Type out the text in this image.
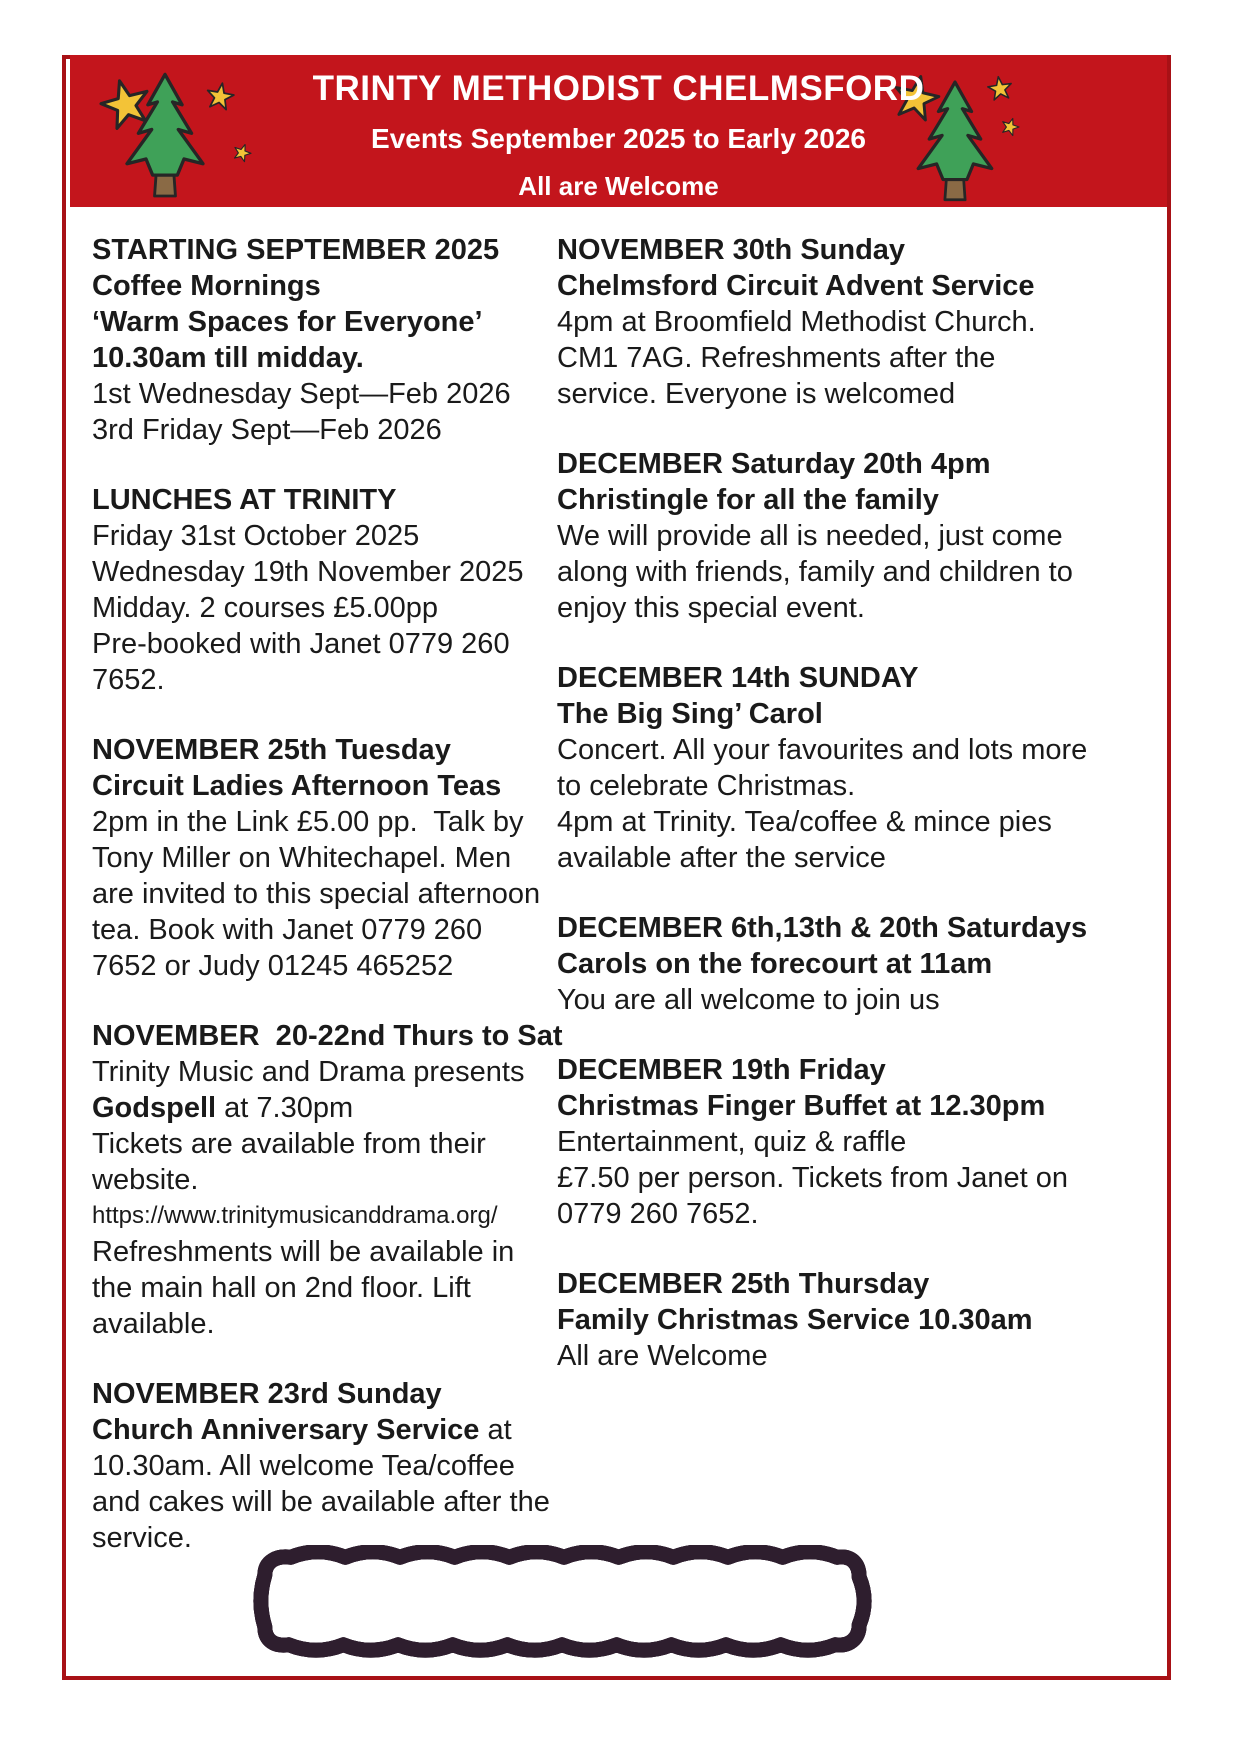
TRINTY METHODIST CHELMSFORD
Events September 2025 to Early 2026
All are Welcome
STARTING SEPTEMBER 2025
Coffee Mornings
‘Warm Spaces for Everyone’
10.30am till midday.
1st Wednesday Sept—Feb 2026
3rd Friday Sept—Feb 2026
LUNCHES AT TRINITY
Friday 31st October 2025
Wednesday 19th November 2025
Midday. 2 courses £5.00pp
Pre-booked with Janet 0779 260
7652.
NOVEMBER 25th Tuesday
Circuit Ladies Afternoon Teas
2pm in the Link £5.00 pp.  Talk by
Tony Miller on Whitechapel. Men
are invited to this special afternoon
tea. Book with Janet 0779 260
7652 or Judy 01245 465252
NOVEMBER  20-22nd Thurs to Sat
Trinity Music and Drama presents
Godspell at 7.30pm
Tickets are available from their
website.
https://www.trinitymusicanddrama.org/
Refreshments will be available in
the main hall on 2nd floor. Lift
available.
NOVEMBER 23rd Sunday
Church Anniversary Service at
10.30am. All welcome Tea/coffee
and cakes will be available after the
service.
NOVEMBER 30th Sunday
Chelmsford Circuit Advent Service
4pm at Broomfield Methodist Church.
CM1 7AG. Refreshments after the
service. Everyone is welcomed
DECEMBER Saturday 20th 4pm
Christingle for all the family
We will provide all is needed, just come
along with friends, family and children to
enjoy this special event.
DECEMBER 14th SUNDAY
The Big Sing’ Carol
Concert. All your favourites and lots more
to celebrate Christmas.
4pm at Trinity. Tea/coffee & mince pies
available after the service
DECEMBER 6th,13th & 20th Saturdays
Carols on the forecourt at 11am
You are all welcome to join us
DECEMBER 19th Friday
Christmas Finger Buffet at 12.30pm
Entertainment, quiz & raffle
£7.50 per person. Tickets from Janet on
0779 260 7652.
DECEMBER 25th Thursday
Family Christmas Service 10.30am
All are Welcome
You are a gift. Made with love.
